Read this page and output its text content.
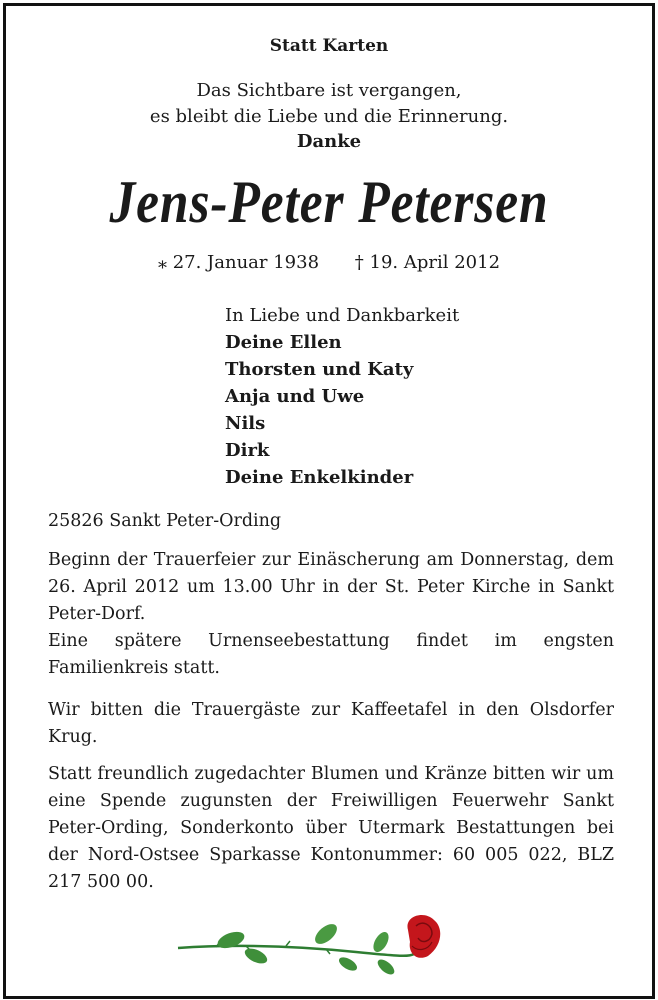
Statt Karten
Das Sichtbare ist vergangen,
es bleibt die Liebe und die Erinnerung.
Danke
Jens-Peter Petersen
⁎ 27. Januar 1938 † 19. April 2012
In Liebe und Dankbarkeit
Deine Ellen
Thorsten und Katy
Anja und Uwe
Nils
Dirk
Deine Enkelkinder
25826 Sankt Peter-Ording
Beginn der Trauerfeier zur Einäscherung am Donnerstag, dem 26. April 2012 um 13.00 Uhr in der St. Peter Kirche in Sankt Peter-Dorf.
Eine spätere Urnenseebestattung findet im engsten Familienkreis statt.
Wir bitten die Trauergäste zur Kaffeetafel in den Olsdorfer Krug.
Statt freundlich zugedachter Blumen und Kränze bitten wir um eine Spende zugunsten der Freiwilligen Feuerwehr Sankt Peter-Ording, Sonderkonto über Utermark Bestattungen bei der Nord-Ostsee Sparkasse Kontonummer: 60 005 022, BLZ 217 500 00.
